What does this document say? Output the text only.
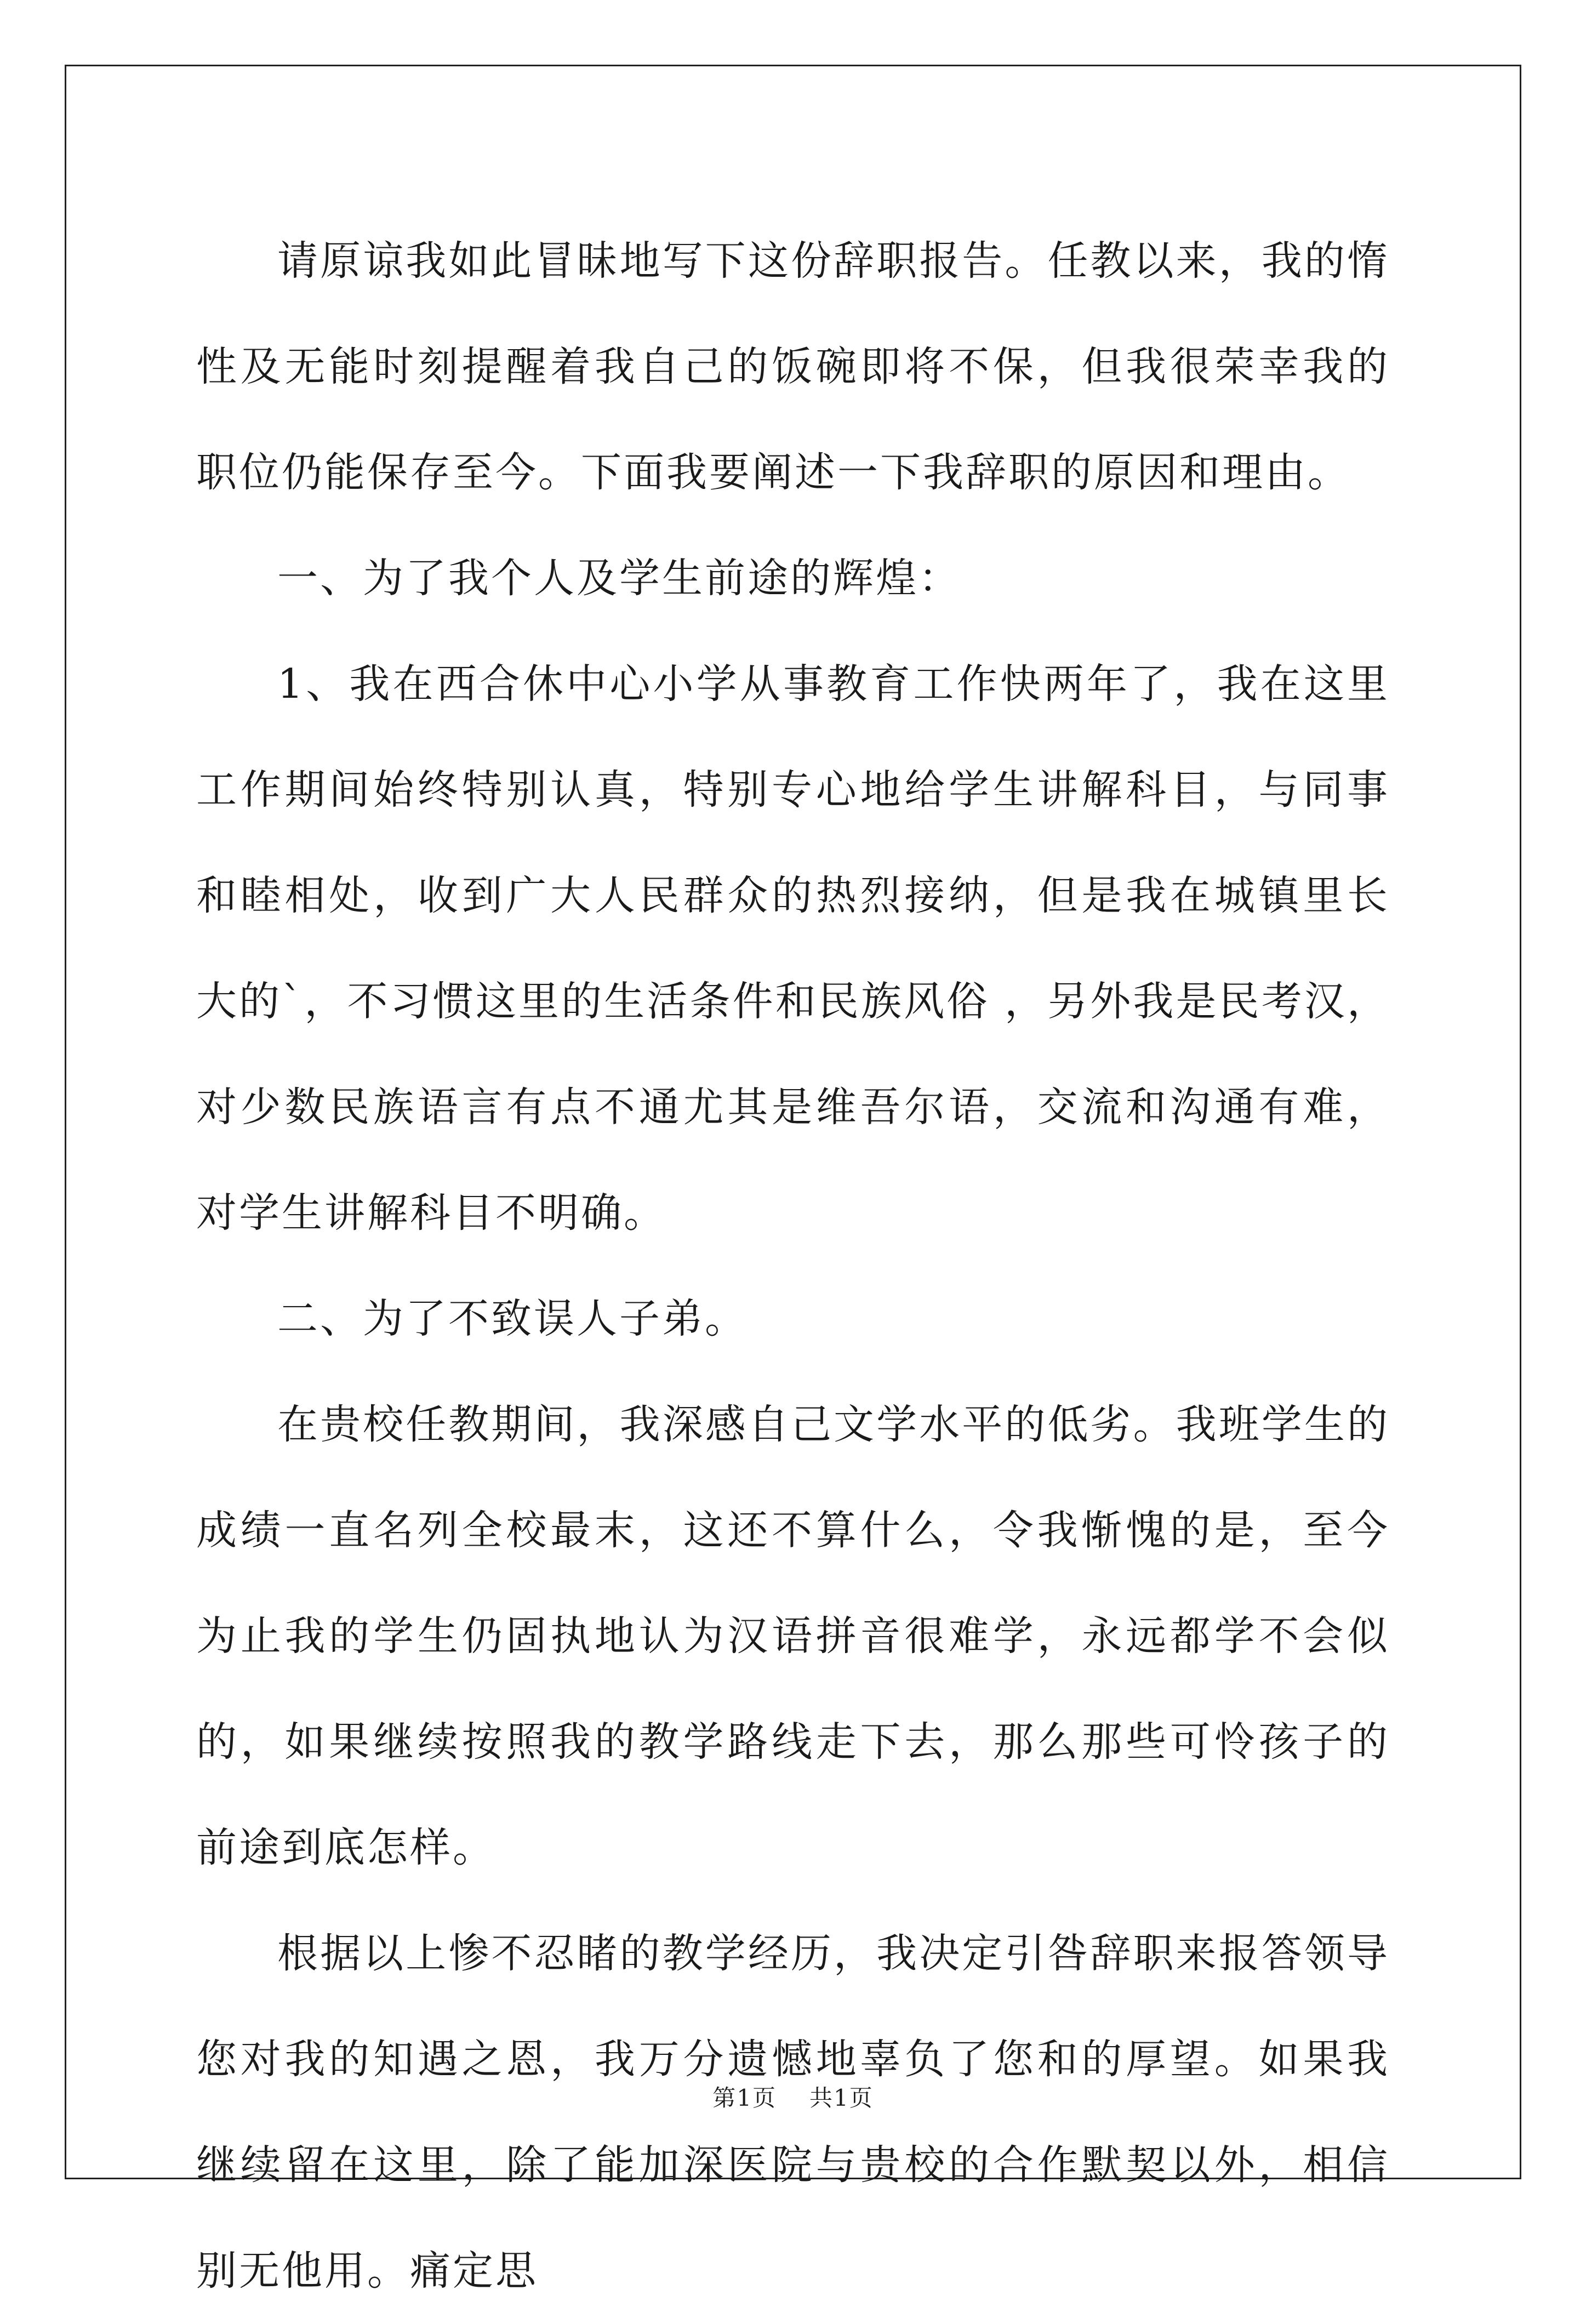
请原谅我如此冒昧地写下这份辞职报告。任教以来，我的惰性及无能时刻提醒着我自己的饭碗即将不保，但我很荣幸我的职位仍能保存至今。下面我要阐述一下我辞职的原因和理由。

一、为了我个人及学生前途的辉煌：

1、我在西合休中心小学从事教育工作快两年了，我在这里工作期间始终特别认真，特别专心地给学生讲解科目，与同事和睦相处，收到广大人民群众的热烈接纳，但是我在城镇里长大的`，不习惯这里的生活条件和民族风俗 ，另外我是民考汉，对少数民族语言有点不通尤其是维吾尔语，交流和沟通有难，对学生讲解科目不明确。

二、为了不致误人子弟。

在贵校任教期间，我深感自己文学水平的低劣。我班学生的成绩一直名列全校最末，这还不算什么，令我惭愧的是，至今为止我的学生仍固执地认为汉语拼音很难学，永远都学不会似的，如果继续按照我的教学路线走下去，那么那些可怜孩子的前途到底怎样。

根据以上惨不忍睹的教学经历，我决定引咎辞职来报答领导您对我的知遇之恩，我万分遗憾地辜负了您和的厚望。如果我继续留在这里，除了能加深医院与贵校的合作默契以外，相信别无他用。痛定思

第1页 共1页
